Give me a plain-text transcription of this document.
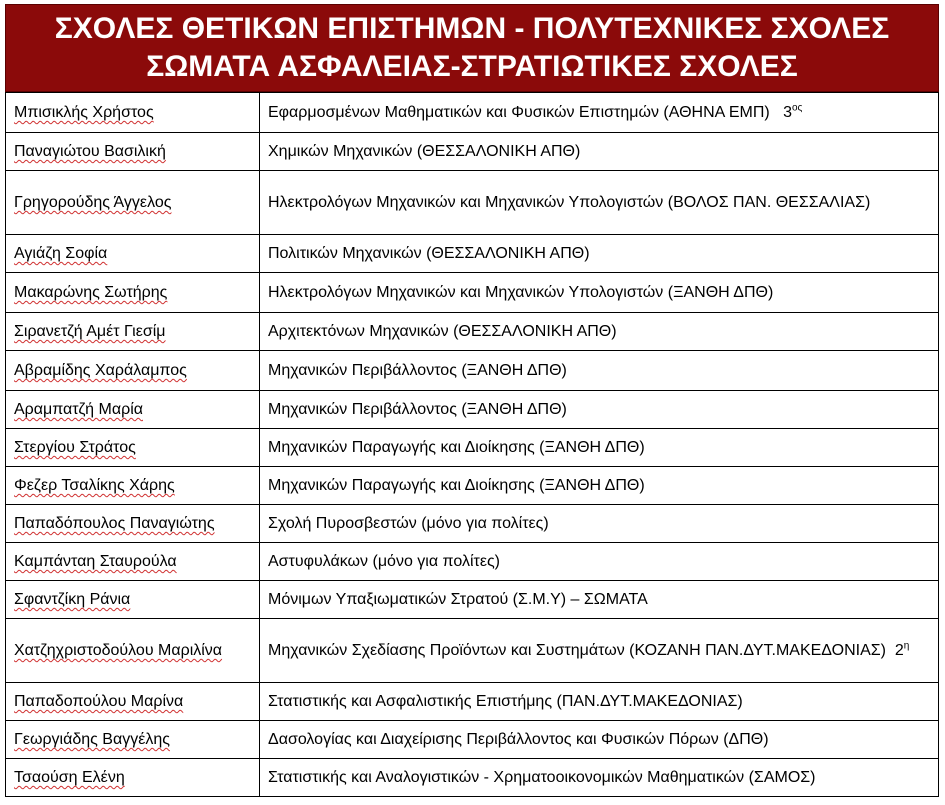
ΣΧΟΛΕΣ ΘΕΤΙΚΩΝ ΕΠΙΣΤΗΜΩΝ - ΠΟΛΥΤΕΧΝΙΚΕΣ ΣΧΟΛΕΣ
ΣΩΜΑΤΑ ΑΣΦΑΛΕΙΑΣ-ΣΤΡΑΤΙΩΤΙΚΕΣ ΣΧΟΛΕΣ
Μπισικλής Χρήστος	Εφαρμοσμένων Μαθηματικών και Φυσικών Επιστημών (ΑΘΗΝΑ ΕΜΠ) $3^{o\varsigma}$
Παναγιώτου Βασιλική	Χημικών Μηχανικών (ΘΕΣΣΑΛΟΝΙΚΗ ΑΠΘ)
Γρηγορούδης Άγγελος	Ηλεκτρολόγων Μηχανικών και Μηχανικών Υπολογιστών (ΒΟΛΟΣ ΠΑΝ. ΘΕΣΣΑΛΙΑΣ)
Αγιάζη Σοφία	Πολιτικών Μηχανικών (ΘΕΣΣΑΛΟΝΙΚΗ ΑΠΘ)
Μακαρώνης Σωτήρης	Ηλεκτρολόγων Μηχανικών και Μηχανικών Υπολογιστών (ΞΑΝΘΗ ΔΠΘ)
Σιρανετζή Αμέτ Γιεσίμ	Αρχιτεκτόνων Μηχανικών (ΘΕΣΣΑΛΟΝΙΚΗ ΑΠΘ)
Αβραμίδης Χαράλαμπος	Μηχανικών Περιβάλλοντος (ΞΑΝΘΗ ΔΠΘ)
Αραμπατζή Μαρία	Μηχανικών Περιβάλλοντος (ΞΑΝΘΗ ΔΠΘ)
Στεργίου Στράτος	Μηχανικών Παραγωγής και Διοίκησης (ΞΑΝΘΗ ΔΠΘ)
Φεζερ Τσαλίκης Χάρης	Μηχανικών Παραγωγής και Διοίκησης (ΞΑΝΘΗ ΔΠΘ)
Παπαδόπουλος Παναγιώτης	Σχολή Πυροσβεστών (μόνο για πολίτες)
Καμπάνταη Σταυρούλα	Αστυφυλάκων (μόνο για πολίτες)
Σφαντζίκη Ράνια	Μόνιμων Υπαξιωματικών Στρατού (Σ.Μ.Υ) – ΣΩΜΑΤΑ
Χατζηχριστοδούλου Μαριλίνα	Μηχανικών Σχεδίασης Προϊόντων και Συστημάτων (ΚΟΖΑΝΗ ΠΑΝ.ΔΥΤ.ΜΑΚΕΔΟΝΙΑΣ) $2^\eta$
Παπαδοπούλου Μαρίνα	Στατιστικής και Ασφαλιστικής Επιστήμης (ΠΑΝ.ΔΥΤ.ΜΑΚΕΔΟΝΙΑΣ)
Γεωργιάδης Βαγγέλης	Δασολογίας και Διαχείρισης Περιβάλλοντος και Φυσικών Πόρων (ΔΠΘ)
Τσαούση Ελένη	Στατιστικής και Αναλογιστικών - Χρηματοοικονομικών Μαθηματικών (ΣΑΜΟΣ)
